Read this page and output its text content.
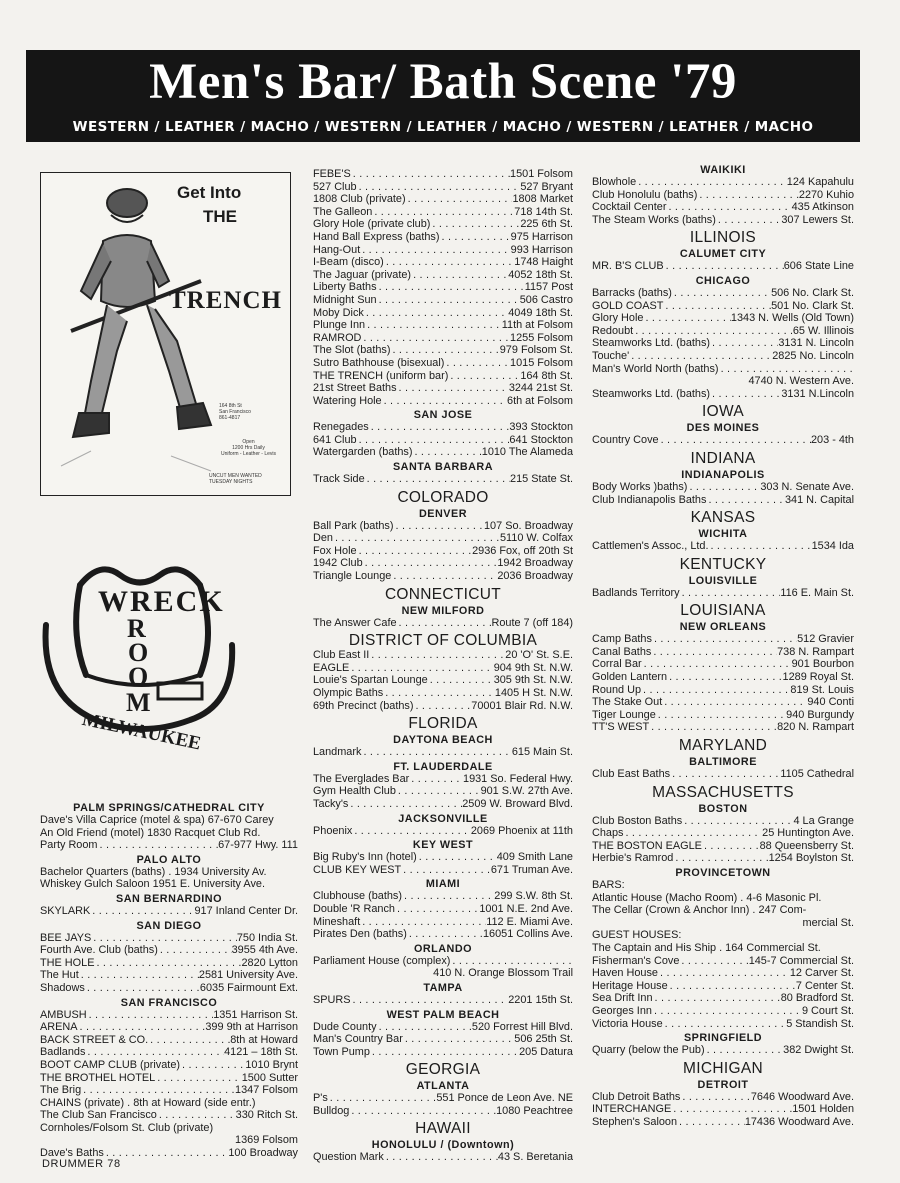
Men's Bar/ Bath Scene '79
WESTERN / LEATHER / MACHO / WESTERN / LEATHER / MACHO / WESTERN / LEATHER / MACHO
Get Into
THE
TRENCH
164 8th St
San Francisco
861-4817
Open
1200 Hrs Daily
Uniform - Leather - Levis
UNCUT MEN WANTED
TUESDAY NIGHTS
WRECK
R
O
O
M
MILWAUKEE
PALM SPRINGS/CATHEDRAL CITY
Dave's Villa Caprice (motel & spa) 67-670 Carey
An Old Friend (motel) 1830 Racquet Club Rd.
Party Room . . .	67-977 Hwy. 111
PALO ALTO
Bachelor Quarters (baths) . 1934 University Av.
Whiskey Gulch Saloon 1951 E. University Ave.
SAN BERNARDINO
SKYLARK . . .	917 Inland Center Dr.
SAN DIEGO
BEE JAYS . . .	750 India St.
Fourth Ave. Club (baths) . . .	3955 4th Ave.
THE HOLE . . .	2820 Lytton
The Hut . . .	2581 University Ave.
Shadows . . .	6035 Fairmount Ext.
SAN FRANCISCO
AMBUSH . . .	1351 Harrison St.
ARENA . . .	399 9th at Harrison
BACK STREET & CO. . . .	8th at Howard
Badlands . . .	4121 – 18th St.
BOOT CAMP CLUB (private) . . .	1010 Brynt
THE BROTHEL HOTEL . . .	1500 Sutter
The Brig . . .	1347 Folsom
CHAINS (private) . 8th at Howard (side entr.)
The Club San Francisco . . .	330 Ritch St.
Cornholes/Folsom St. Club (private)
1369 Folsom
Dave's Baths . . .	100 Broadway
FEBE'S . . .	1501 Folsom
527 Club . . .	527 Bryant
1808 Club (private) . . .	1808 Market
The Galleon . . .	718 14th St.
Glory Hole (private club) . . .	225 6th St.
Hand Ball Express (baths) . . .	975 Harrison
Hang-Out . . .	993 Harrison
I-Beam (disco) . . .	1748 Haight
The Jaguar (private) . . .	4052 18th St.
Liberty Baths . . .	1157 Post
Midnight Sun . . .	506 Castro
Moby Dick . . .	4049 18th St.
Plunge Inn . . .	11th at Folsom
RAMROD . . .	1255 Folsom
The Slot (baths) . . .	979 Folsom St.
Sutro Bathhouse (bisexual) . . .	1015 Folsom
THE TRENCH (uniform bar) . . .	164 8th St.
21st Street Baths . . .	3244 21st St.
Watering Hole . . .	6th at Folsom
SAN JOSE
Renegades . . .	393 Stockton
641 Club . . .	641 Stockton
Watergarden (baths) . . .	1010 The Alameda
SANTA BARBARA
Track Side . . .	215 State St.
COLORADO
DENVER
Ball Park (baths) . . .	107 So. Broadway
Den . . .	5110 W. Colfax
Fox Hole . . .	2936 Fox, off 20th St
1942 Club . . .	1942 Broadway
Triangle Lounge . . .	2036 Broadway
CONNECTICUT
NEW MILFORD
The Answer Cafe . . .	Route 7 (off 184)
DISTRICT OF COLUMBIA
Club East II . . .	20 'O' St. S.E.
EAGLE . . .	904 9th St. N.W.
Louie's Spartan Lounge . . .	305 9th St. N.W.
Olympic Baths . . .	1405 H St. N.W.
69th Precinct (baths) . . .	70001 Blair Rd. N.W.
FLORIDA
DAYTONA BEACH
Landmark . . .	615 Main St.
FT. LAUDERDALE
The Everglades Bar . . .	1931 So. Federal Hwy.
Gym Health Club . . .	901 S.W. 27th Ave.
Tacky's . . .	2509 W. Broward Blvd.
JACKSONVILLE
Phoenix . . .	2069 Phoenix at 11th
KEY WEST
Big Ruby's Inn (hotel) . . .	409 Smith Lane
CLUB KEY WEST . . .	671 Truman Ave.
MIAMI
Clubhouse (baths) . . .	299 S.W. 8th St.
Double 'R Ranch . . .	1001 N.E. 2nd Ave.
Mineshaft . . .	112 E. Miami Ave.
Pirates Den (baths) . . .	16051 Collins Ave.
ORLANDO
Parliament House (complex)
. . .
410 N. Orange Blossom Trail
TAMPA
SPURS . . .	2201 15th St.
WEST PALM BEACH
Dude County . . .	520 Forrest Hill Blvd.
Man's Country Bar . . .	506 25th St.
Town Pump . . .	205 Datura
GEORGIA
ATLANTA
P's . . .	551 Ponce de Leon Ave. NE
Bulldog . . .	1080 Peachtree
HAWAII
HONOLULU / (Downtown)
Question Mark . . .	43 S. Beretania
WAIKIKI
Blowhole . . .	124 Kapahulu
Club Honolulu (baths) . . .	2270 Kuhio
Cocktail Center . . .	435 Atkinson
The Steam Works (baths) . . .	307 Lewers St.
ILLINOIS
CALUMET CITY
MR. B'S CLUB . . .	606 State Line
CHICAGO
Barracks (baths) . . .	506 No. Clark St.
GOLD COAST . . .	501 No. Clark St.
Glory Hole . . .	1343 N. Wells (Old Town)
Redoubt . . .	65 W. Illinois
Steamworks Ltd. (baths) . . .	3131 N. Lincoln
Touche' . . .	2825 No. Lincoln
Man's World North (baths)
. . .
4740 N. Western Ave.
Steamworks Ltd. (baths) . . .	3131 N.Lincoln
IOWA
DES MOINES
Country Cove . . .	203 - 4th
INDIANA
INDIANAPOLIS
Body Works )baths) . . .	303 N. Senate Ave.
Club Indianapolis Baths . . .	341 N. Capital
KANSAS
WICHITA
Cattlemen's Assoc., Ltd. . . .	1534 Ida
KENTUCKY
LOUISVILLE
Badlands Territory . . .	116 E. Main St.
LOUISIANA
NEW ORLEANS
Camp Baths . . .	512 Gravier
Canal Baths . . .	738 N. Rampart
Corral Bar . . .	901 Bourbon
Golden Lantern . . .	1289 Royal St.
Round Up . . .	819 St. Louis
The Stake Out . . .	940 Conti
Tiger Lounge . . .	940 Burgundy
TT'S WEST . . .	820 N. Rampart
MARYLAND
BALTIMORE
Club East Baths . . .	1105 Cathedral
MASSACHUSETTS
BOSTON
Club Boston Baths . . .	4 La Grange
Chaps . . .	25 Huntington Ave.
THE BOSTON EAGLE . . .	88 Queensberry St.
Herbie's Ramrod . . .	1254 Boylston St.
PROVINCETOWN
BARS:
Atlantic House (Macho Room) . 4-6 Masonic Pl.
The Cellar (Crown & Anchor Inn) . 247 Com-
mercial St.
GUEST HOUSES:
The Captain and His Ship . 164 Commercial St.
Fisherman's Cove . . .	145-7 Commercial St.
Haven House . . .	12 Carver St.
Heritage House . . .	7 Center St.
Sea Drift Inn . . .	80 Bradford St.
Georges Inn . . .	9 Court St.
Victoria House . . .	5 Standish St.
SPRINGFIELD
Quarry (below the Pub) . . .	382 Dwight St.
MICHIGAN
DETROIT
Club Detroit Baths . . .	7646 Woodward Ave.
INTERCHANGE . . .	1501 Holden
Stephen's Saloon . . .	17436 Woodward Ave.
DRUMMER 78
